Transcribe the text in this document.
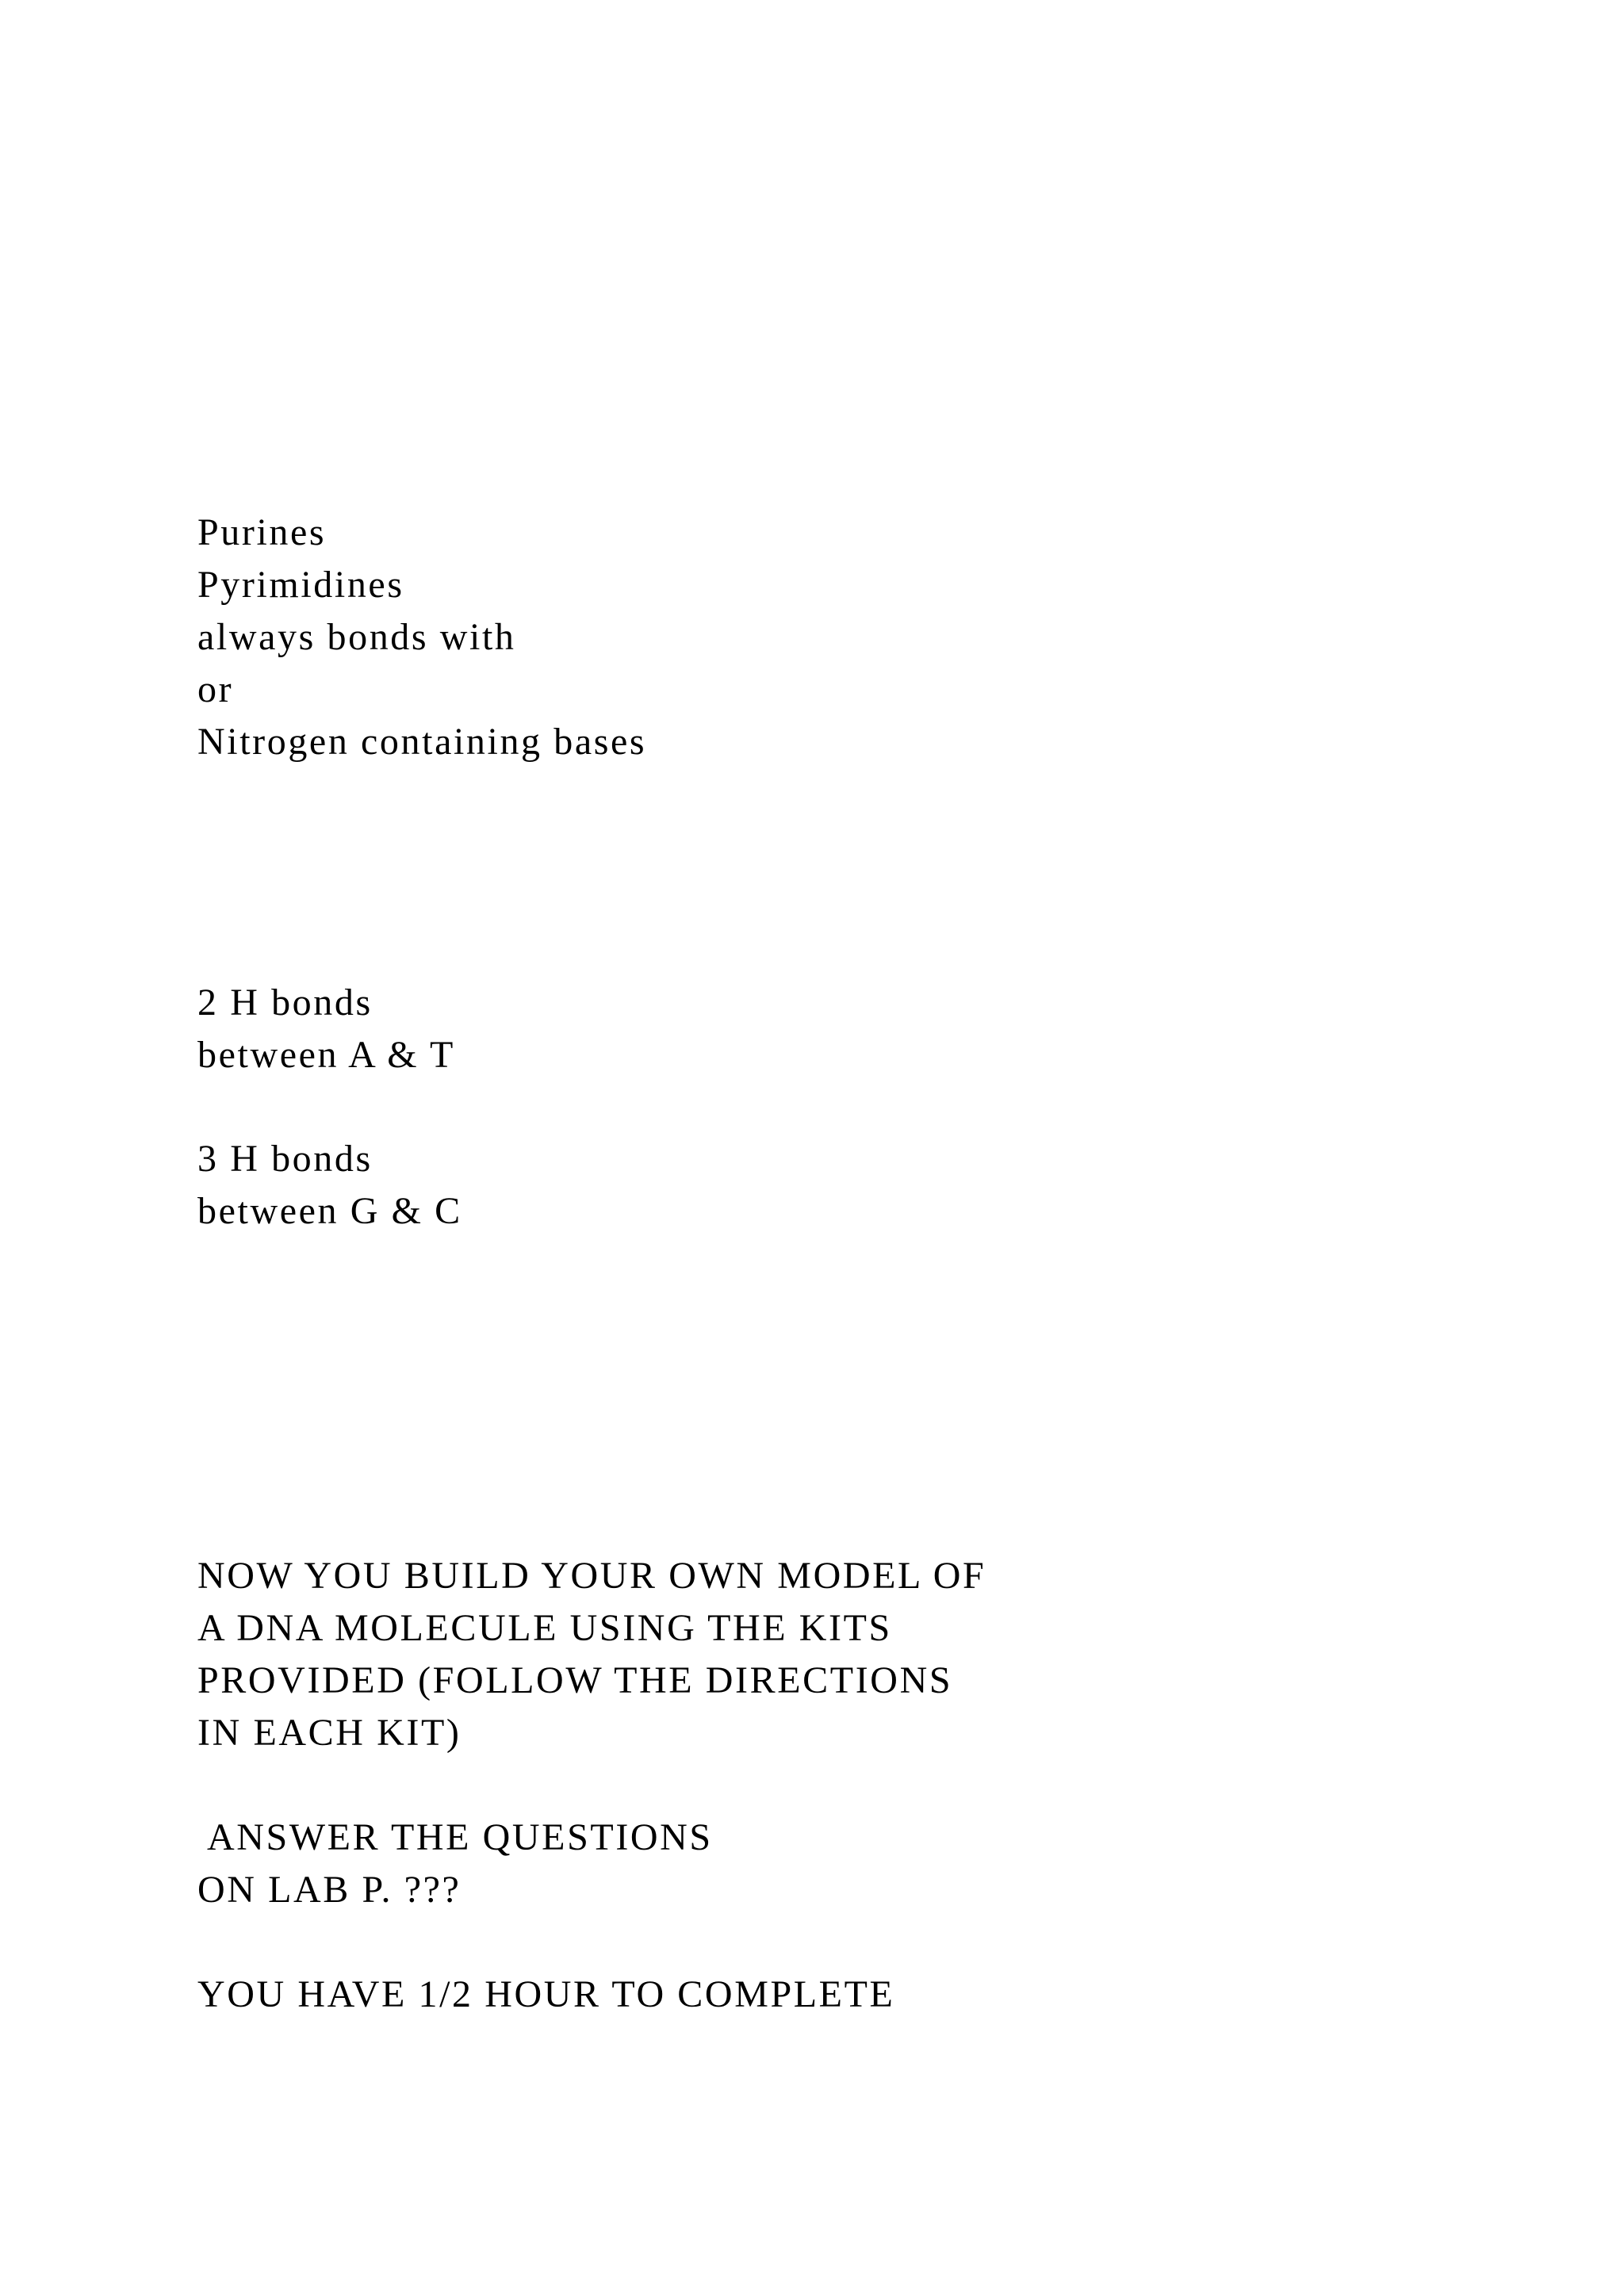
Purines

Pyrimidines

always bonds with

or

Nitrogen containing bases

2 H bonds

between A & T

3 H bonds

between G & C

NOW YOU BUILD YOUR OWN MODEL OF

A DNA MOLECULE USING THE KITS

PROVIDED (FOLLOW THE DIRECTIONS

IN EACH KIT)

ANSWER THE QUESTIONS

ON LAB P. ???

YOU HAVE 1/2 HOUR TO COMPLETE
